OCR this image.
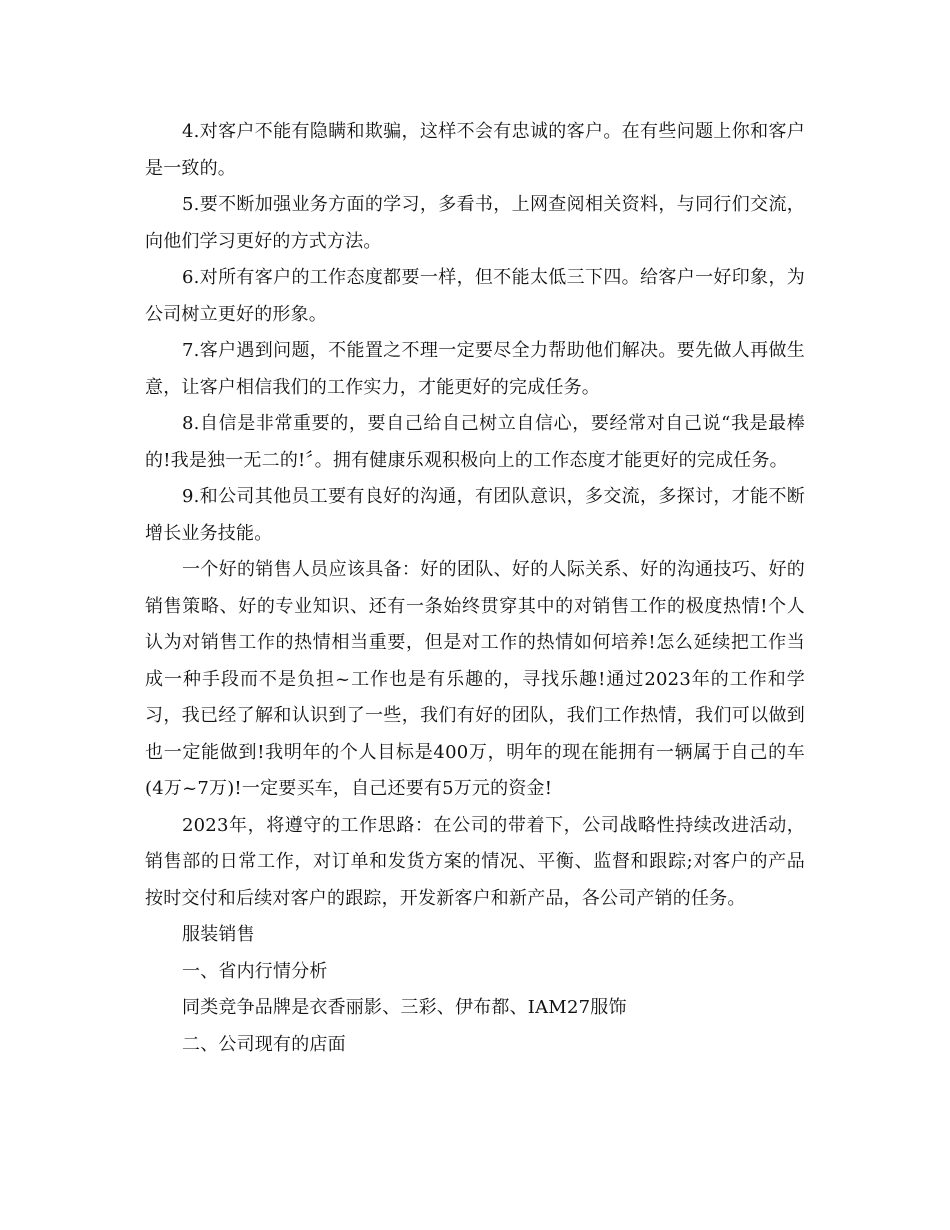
4.对客户不能有隐瞒和欺骗，这样不会有忠诚的客户。在有些问题上你和客户是一致的。

5.要不断加强业务方面的学习，多看书，上网查阅相关资料，与同行们交流，向他们学习更好的方式方法。

6.对所有客户的工作态度都要一样，但不能太低三下四。给客户一好印象，为公司树立更好的形象。

7.客户遇到问题，不能置之不理一定要尽全力帮助他们解决。要先做人再做生意，让客户相信我们的工作实力，才能更好的完成任务。

8.自信是非常重要的，要自己给自己树立自信心，要经常对自己说“我是最棒的!我是独一无二的!〞。拥有健康乐观积极向上的工作态度才能更好的完成任务。

9.和公司其他员工要有良好的沟通，有团队意识，多交流，多探讨，才能不断增长业务技能。

一个好的销售人员应该具备：好的团队、好的人际关系、好的沟通技巧、好的销售策略、好的专业知识、还有一条始终贯穿其中的对销售工作的极度热情!个人认为对销售工作的热情相当重要，但是对工作的热情如何培养!怎么延续把工作当成一种手段而不是负担~工作也是有乐趣的，寻找乐趣!通过2023年的工作和学习，我已经了解和认识到了一些，我们有好的团队，我们工作热情，我们可以做到也一定能做到!我明年的个人目标是400万，明年的现在能拥有一辆属于自己的车(4万~7万)!一定要买车，自己还要有5万元的资金!

2023年，将遵守的工作思路：在公司的带着下，公司战略性持续改进活动，销售部的日常工作，对订单和发货方案的情况、平衡、监督和跟踪;对客户的产品按时交付和后续对客户的跟踪，开发新客户和新产品，各公司产销的任务。

服装销售

一、省内行情分析

同类竞争品牌是衣香丽影、三彩、伊布都、IAM27服饰

二、公司现有的店面
